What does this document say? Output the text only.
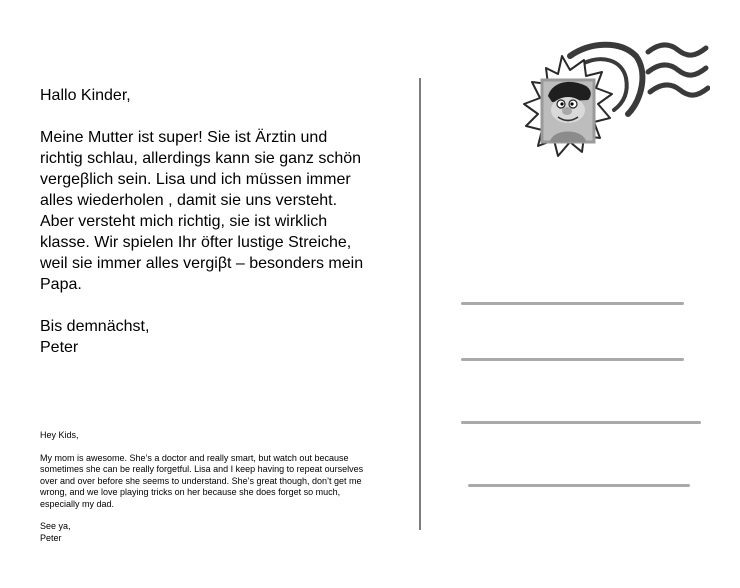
Hallo Kinder,

Meine Mutter ist super! Sie ist Ärztin und
richtig schlau, allerdings kann sie ganz schön
vergeβlich sein. Lisa und ich müssen immer
alles wiederholen , damit sie uns versteht.
Aber versteht mich richtig, sie ist wirklich
klasse. Wir spielen Ihr öfter lustige Streiche,
weil sie immer alles vergiβt – besonders mein
Papa.

Bis demnächst,
Peter

Hey Kids,

My mom is awesome. She’s a doctor and really smart, but watch out because
sometimes she can be really forgetful. Lisa and I keep having to repeat ourselves
over and over before she seems to understand. She’s great though, don’t get me
wrong, and we love playing tricks on her because she does forget so much,
especially my dad.

See ya,
Peter
